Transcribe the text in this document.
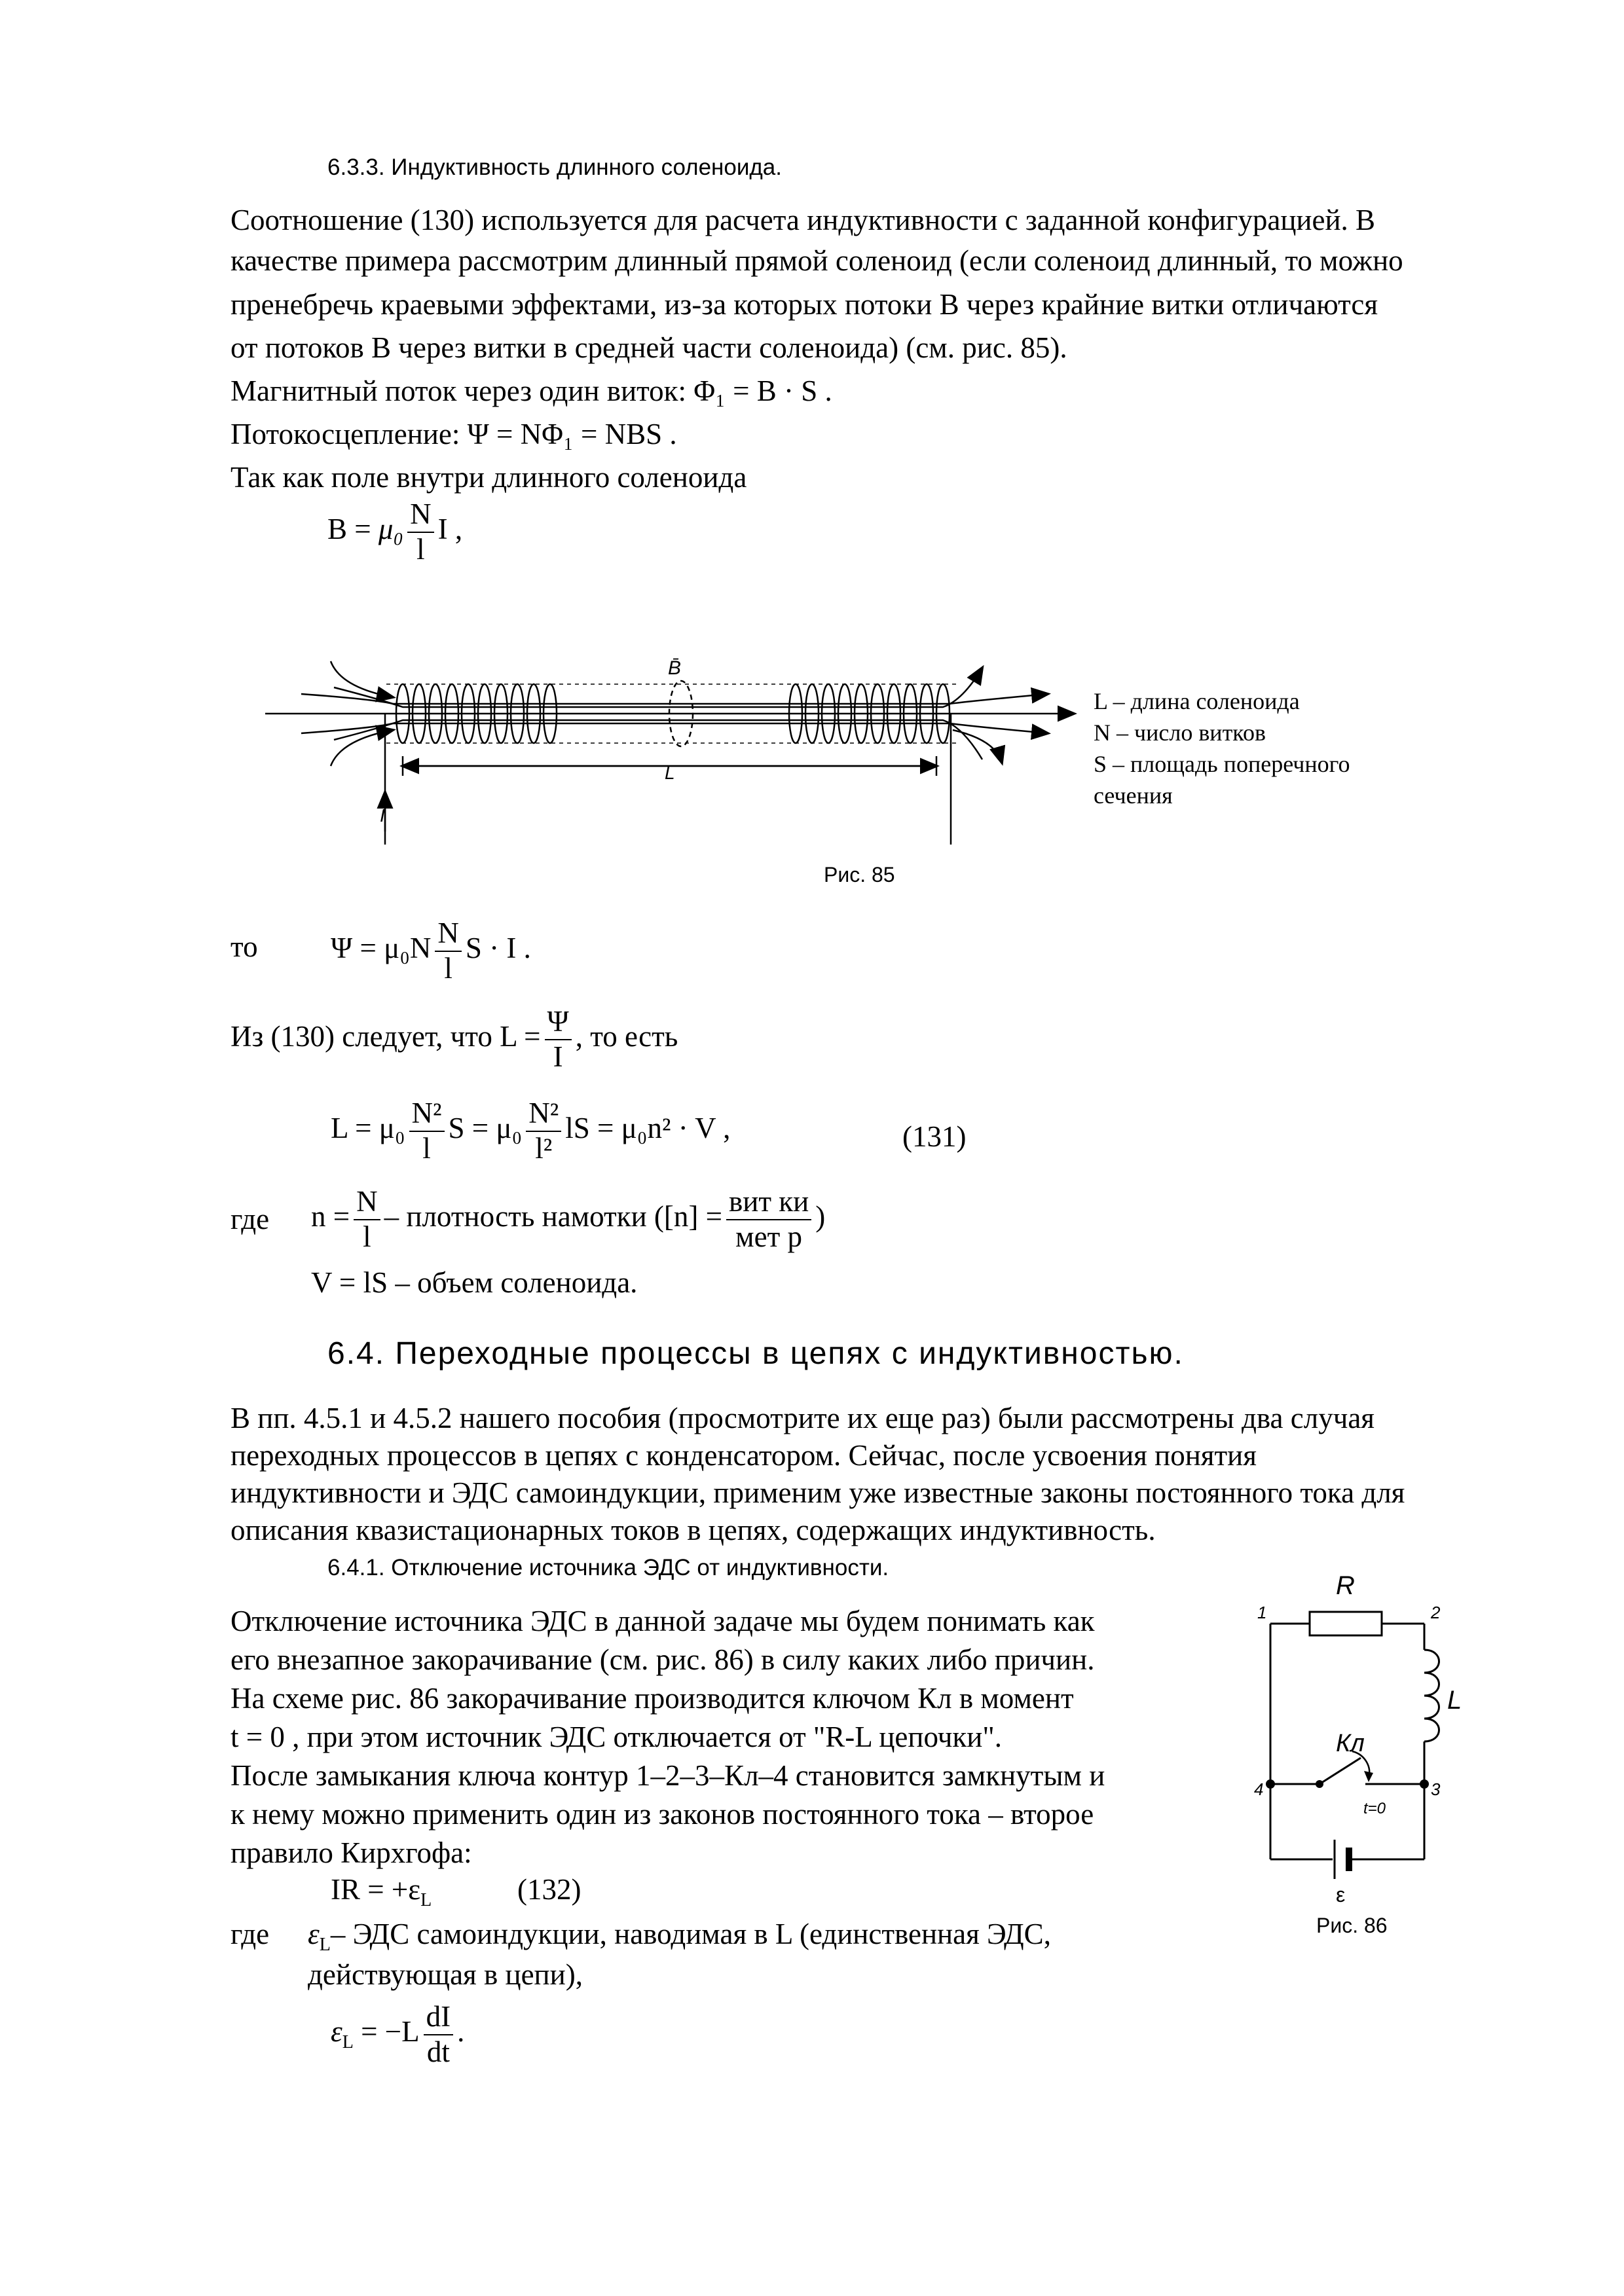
6.3.3. Индуктивность длинного соленоида.
Соотношение (130) используется для расчета индуктивности с заданной конфигурацией. В
качестве примера рассмотрим длинный прямой соленоид (если соленоид длинный, то можно
пренебречь краевыми эффектами, из-за которых потоки B через крайние витки отличаются
от потоков B через витки в средней части соленоида) (см. рис. 85).
Магнитный поток через один виток: Φ₁ = B · S .
Потокосцепление: Ψ = NΦ₁ = NBS .
Так как поле внутри длинного соленоида
$B = \mu_0 \frac{N}{l}$ I ,
B̄
L
I
L – длина соленоида
N – число витков
S – площадь поперечного
сечения
Рис. 85
то $\Psi = \mu_0N \frac{N}{l}$ S · I .
Из (130) следует, что $L = \frac{\Psi}{I}$ , то есть
$L = \mu_0 \frac{\text{N²}}{l}$ $S = \mu_0 \frac{\text{N²}}{\text{l²}}$ lS = μ₀n² · V ,	(131)
где $n = \frac{N}{l}$ – плотность намотки ($[n] = \frac{\text{вит ки}}{\text{мет р}}$ )
V = lS – объем соленоида.
6.4. Переходные процессы в цепях с индуктивностью.
В пп. 4.5.1 и 4.5.2 нашего пособия (просмотрите их еще раз) были рассмотрены два случая
переходных процессов в цепях с конденсатором. Сейчас, после усвоения понятия
индуктивности и ЭДС самоиндукции, применим уже известные законы постоянного тока для
описания квазистационарных токов в цепях, содержащих индуктивность.
6.4.1. Отключение источника ЭДС от индуктивности.
Отключение источника ЭДС в данной задаче мы будем понимать как
его внезапное закорачивание (см. рис. 86) в силу каких либо причин.
На схеме рис. 86 закорачивание производится ключом Кл в момент
t = 0 , при этом источник ЭДС отключается от "R-L цепочки".
После замыкания ключа контур 1–2–3–Кл–4 становится замкнутым и
к нему можно применить один из законов постоянного тока – второе
правило Кирхгофа:
IR = $+\varepsilon_L$	(132)
где $\varepsilon_L-$ ЭДС самоиндукции, наводимая в L (единственная ЭДС,
действующая в цепи),
$\varepsilon_L = -L \frac{dI}{dt}$ .
R
L
Кл
t=0
ε
1	2
3
4
Рис. 86
